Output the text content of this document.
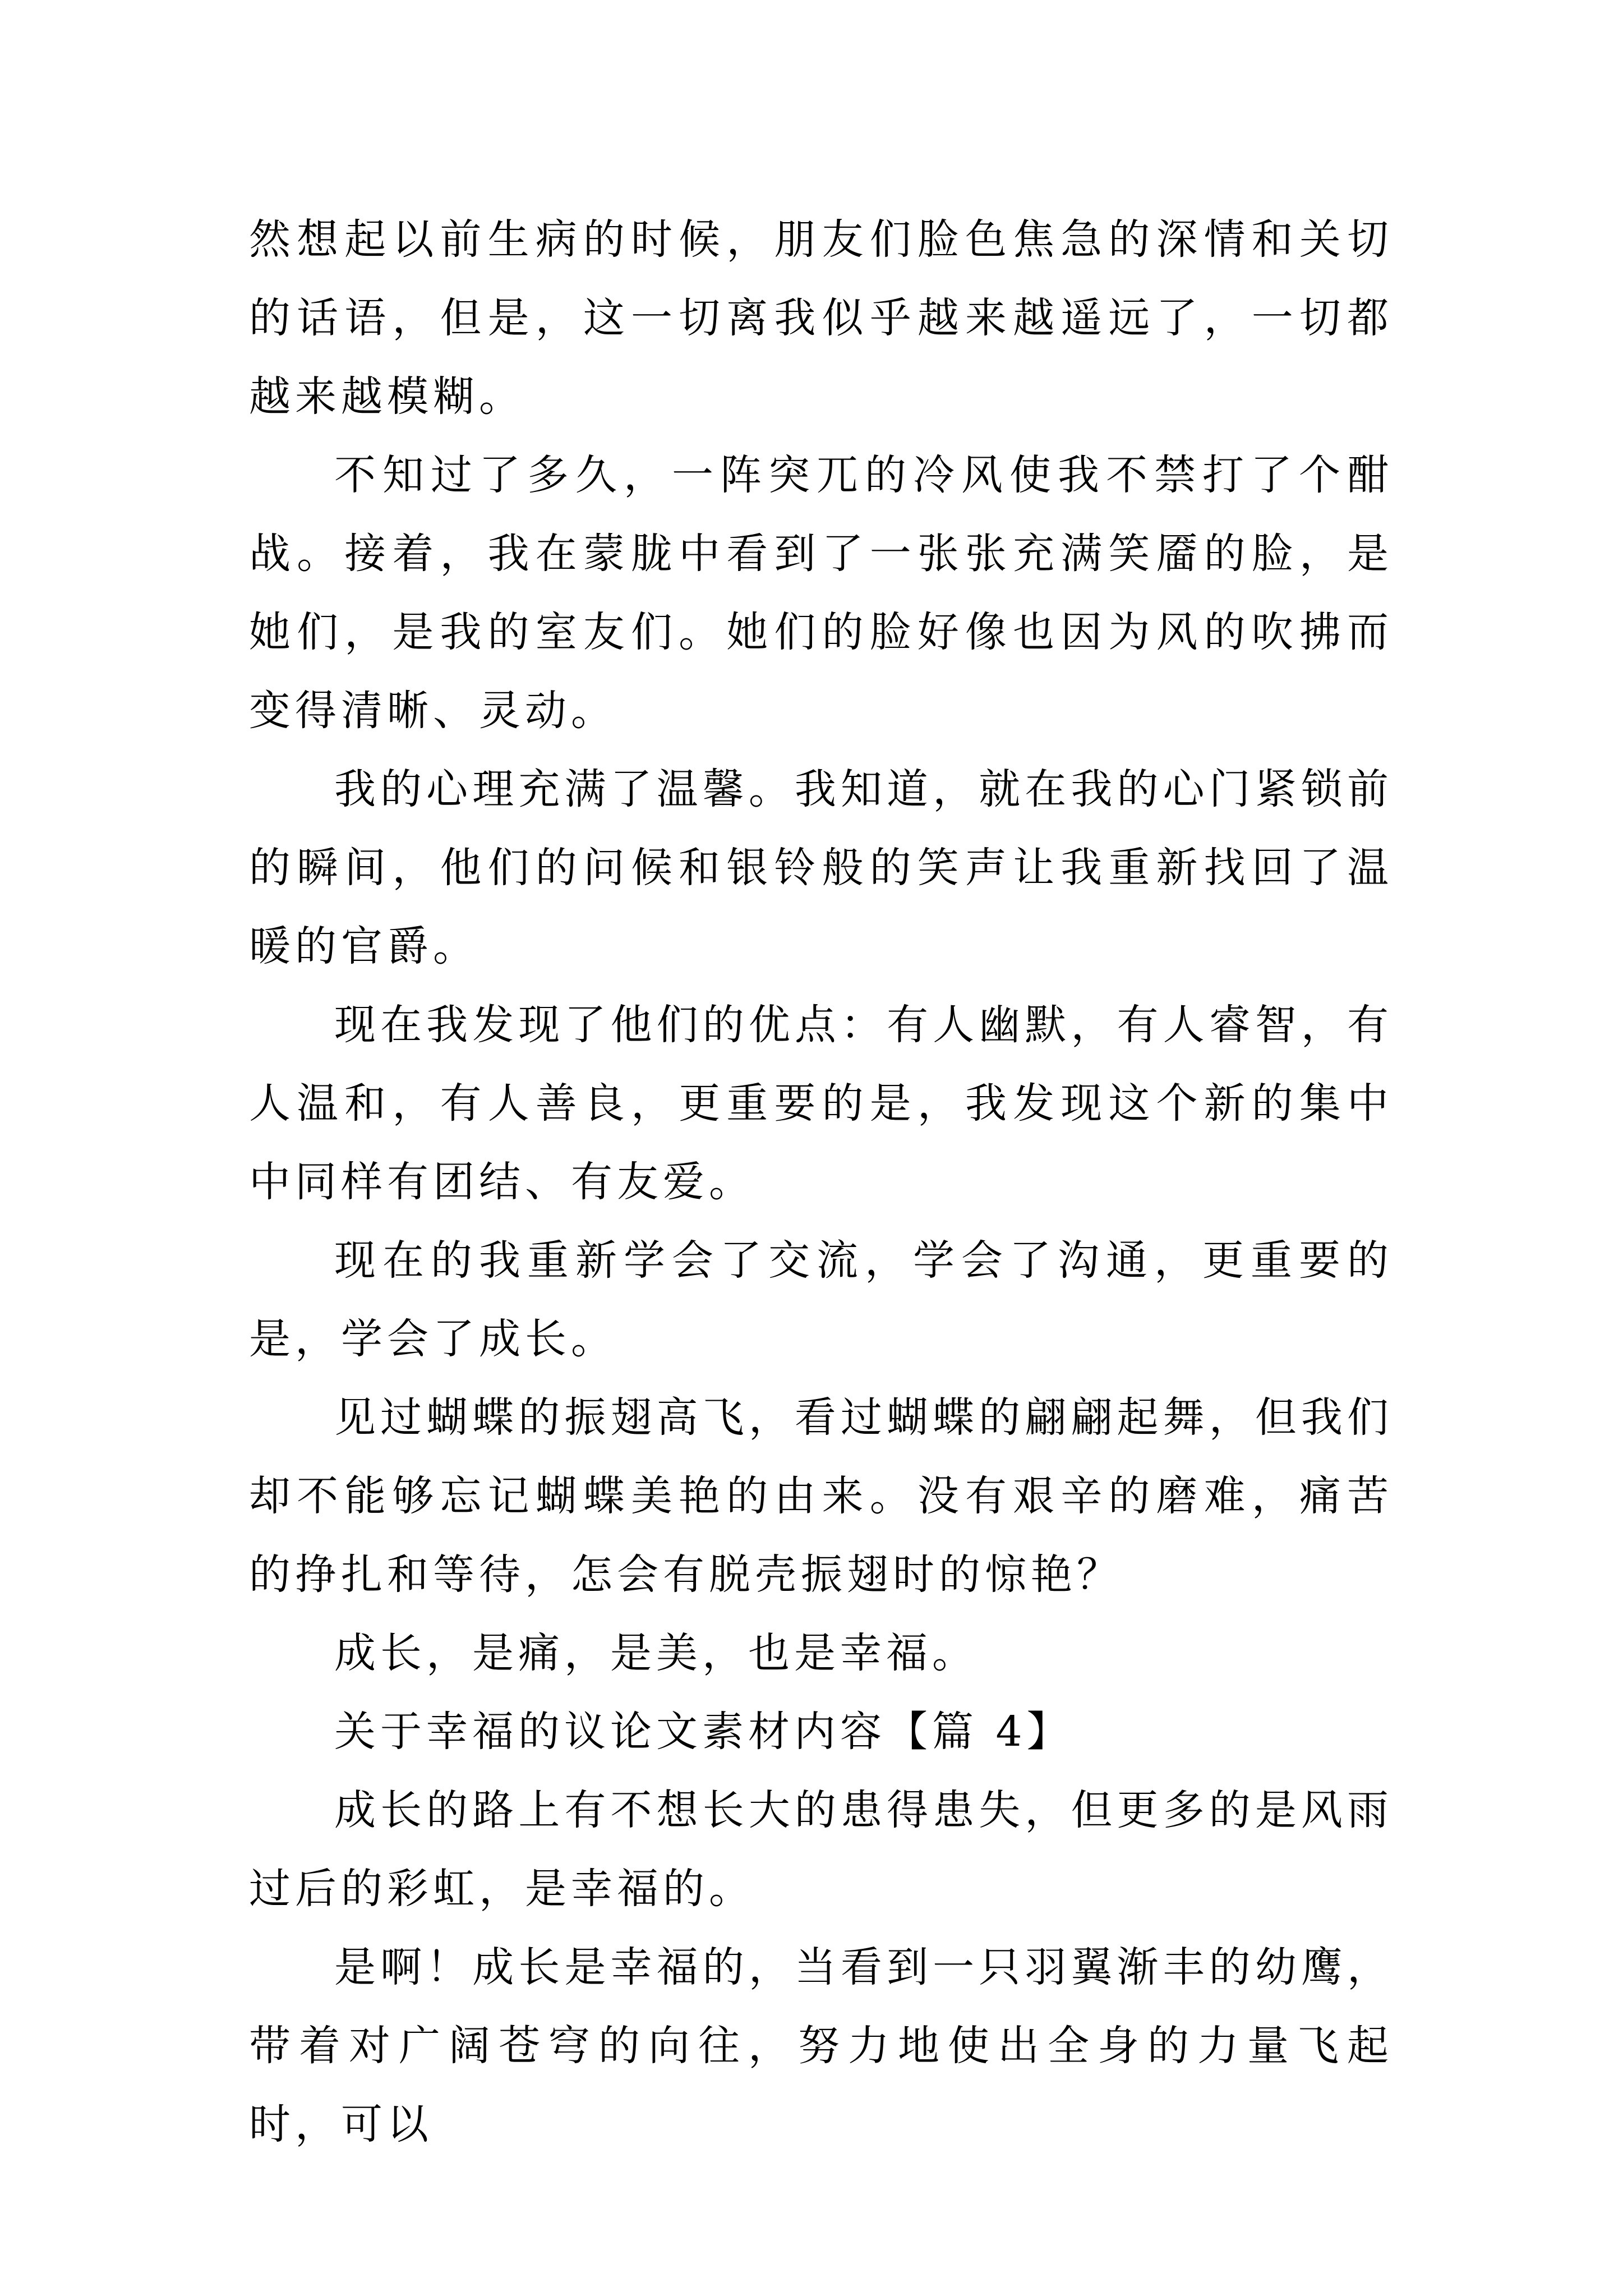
然想起以前生病的时候，朋友们脸色焦急的深情和关切的话语，但是，这一切离我似乎越来越遥远了，一切都越来越模糊。

不知过了多久，一阵突兀的冷风使我不禁打了个酣战。接着，我在蒙胧中看到了一张张充满笑靥的脸，是她们，是我的室友们。她们的脸好像也因为风的吹拂而变得清晰、灵动。

我的心理充满了温馨。我知道，就在我的心门紧锁前的瞬间，他们的问候和银铃般的笑声让我重新找回了温暖的官爵。

现在我发现了他们的优点：有人幽默，有人睿智，有人温和，有人善良，更重要的是，我发现这个新的集中中同样有团结、有友爱。

现在的我重新学会了交流，学会了沟通，更重要的是，学会了成长。

见过蝴蝶的振翅高飞，看过蝴蝶的翩翩起舞，但我们却不能够忘记蝴蝶美艳的由来。没有艰辛的磨难，痛苦的挣扎和等待，怎会有脱壳振翅时的惊艳？

成长，是痛，是美，也是幸福。

关于幸福的议论文素材内容【篇 4】

成长的路上有不想长大的患得患失，但更多的是风雨过后的彩虹，是幸福的。

是啊！成长是幸福的，当看到一只羽翼渐丰的幼鹰，带着对广阔苍穹的向往，努力地使出全身的力量飞起时，可以
